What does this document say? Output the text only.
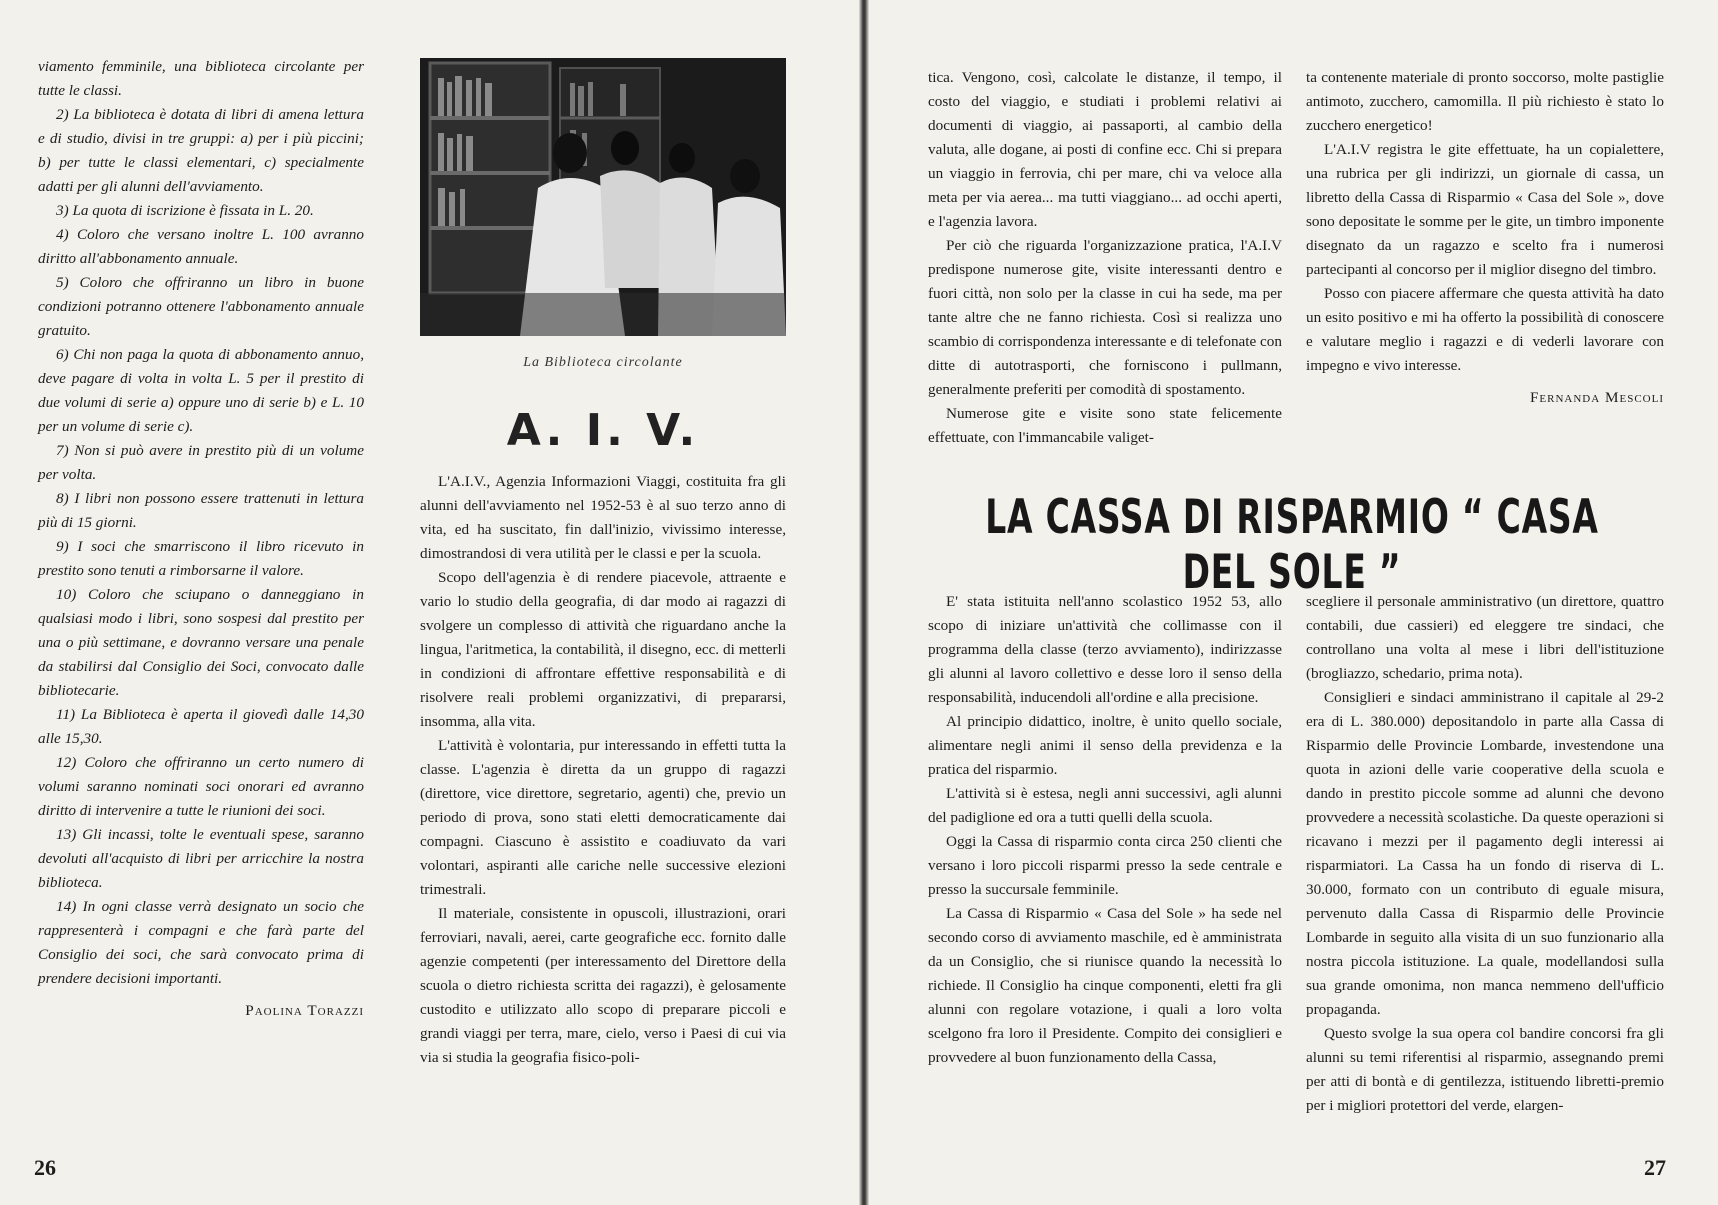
viamento femminile, una biblioteca circolante per tutte le classi.

2) La biblioteca è dotata di libri di amena lettura e di studio, divisi in tre gruppi: a) per i più piccini; b) per tutte le classi elementari, c) specialmente adatti per gli alunni dell'avviamento.

3) La quota di iscrizione è fissata in L. 20.

4) Coloro che versano inoltre L. 100 avranno diritto all'abbonamento annuale.

5) Coloro che offriranno un libro in buone condizioni potranno ottenere l'abbonamento annuale gratuito.

6) Chi non paga la quota di abbonamento annuo, deve pagare di volta in volta L. 5 per il prestito di due volumi di serie a) oppure uno di serie b) e L. 10 per un volume di serie c).

7) Non si può avere in prestito più di un volume per volta.

8) I libri non possono essere trattenuti in lettura più di 15 giorni.

9) I soci che smarriscono il libro ricevuto in prestito sono tenuti a rimborsarne il valore.

10) Coloro che sciupano o danneggiano in qualsiasi modo i libri, sono sospesi dal prestito per una o più settimane, e dovranno versare una penale da stabilirsi dal Consiglio dei Soci, convocato dalle bibliotecarie.

11) La Biblioteca è aperta il giovedì dalle 14,30 alle 15,30.

12) Coloro che offriranno un certo numero di volumi saranno nominati soci onorari ed avranno diritto di intervenire a tutte le riunioni dei soci.

13) Gli incassi, tolte le eventuali spese, saranno devoluti all'acquisto di libri per arricchire la nostra biblioteca.

14) In ogni classe verrà designato un socio che rappresenterà i compagni e che farà parte del Consiglio dei soci, che sarà convocato prima di prendere decisioni importanti.

Paolina Torazzi

La Biblioteca circolante
A. I. V.

L'A.I.V., Agenzia Informazioni Viaggi, costituita fra gli alunni dell'avviamento nel 1952-53 è al suo terzo anno di vita, ed ha suscitato, fin dall'inizio, vivissimo interesse, dimostrandosi di vera utilità per le classi e per la scuola.

Scopo dell'agenzia è di rendere piacevole, attraente e vario lo studio della geografia, di dar modo ai ragazzi di svolgere un complesso di attività che riguardano anche la lingua, l'aritmetica, la contabilità, il disegno, ecc. di metterli in condizioni di affrontare effettive responsabilità e di risolvere reali problemi organizzativi, di prepararsi, insomma, alla vita.

L'attività è volontaria, pur interessando in effetti tutta la classe. L'agenzia è diretta da un gruppo di ragazzi (direttore, vice direttore, segretario, agenti) che, previo un periodo di prova, sono stati eletti democraticamente dai compagni. Ciascuno è assistito e coadiuvato da vari volontari, aspiranti alle cariche nelle successive elezioni trimestrali.

Il materiale, consistente in opuscoli, illustrazioni, orari ferroviari, navali, aerei, carte geografiche ecc. fornito dalle agenzie competenti (per interessamento del Direttore della scuola o dietro richiesta scritta dei ragazzi), è gelosamente custodito e utilizzato allo scopo di preparare piccoli e grandi viaggi per terra, mare, cielo, verso i Paesi di cui via via si studia la geografia fisico-poli-

26

tica. Vengono, così, calcolate le distanze, il tempo, il costo del viaggio, e studiati i problemi relativi ai documenti di viaggio, ai passaporti, al cambio della valuta, alle dogane, ai posti di confine ecc. Chi si prepara un viaggio in ferrovia, chi per mare, chi va veloce alla meta per via aerea... ma tutti viaggiano... ad occhi aperti, e l'agenzia lavora.

Per ciò che riguarda l'organizzazione pratica, l'A.I.V predispone numerose gite, visite interessanti dentro e fuori città, non solo per la classe in cui ha sede, ma per tante altre che ne fanno richiesta. Così si realizza uno scambio di corrispondenza interessante e di telefonate con ditte di autotrasporti, che forniscono i pullmann, generalmente preferiti per comodità di spostamento.

Numerose gite e visite sono state felicemente effettuate, con l'immancabile valiget-

ta contenente materiale di pronto soccorso, molte pastiglie antimoto, zucchero, camomilla. Il più richiesto è stato lo zucchero energetico!

L'A.I.V registra le gite effettuate, ha un copialettere, una rubrica per gli indirizzi, un giornale di cassa, un libretto della Cassa di Risparmio « Casa del Sole », dove sono depositate le somme per le gite, un timbro imponente disegnato da un ragazzo e scelto fra i numerosi partecipanti al concorso per il miglior disegno del timbro.

Posso con piacere affermare che questa attività ha dato un esito positivo e mi ha offerto la possibilità di conoscere e valutare meglio i ragazzi e di vederli lavorare con impegno e vivo interesse.

Fernanda Mescoli

LA CASSA DI RISPARMIO “ CASA DEL SOLE ”

E' stata istituita nell'anno scolastico 1952 53, allo scopo di iniziare un'attività che collimasse con il programma della classe (terzo avviamento), indirizzasse gli alunni al lavoro collettivo e desse loro il senso della responsabilità, inducendoli all'ordine e alla precisione.

Al principio didattico, inoltre, è unito quello sociale, alimentare negli animi il senso della previdenza e la pratica del risparmio.

L'attività si è estesa, negli anni successivi, agli alunni del padiglione ed ora a tutti quelli della scuola.

Oggi la Cassa di risparmio conta circa 250 clienti che versano i loro piccoli risparmi presso la sede centrale e presso la succursale femminile.

La Cassa di Risparmio « Casa del Sole » ha sede nel secondo corso di avviamento maschile, ed è amministrata da un Consiglio, che si riunisce quando la necessità lo richiede. Il Consiglio ha cinque componenti, eletti fra gli alunni con regolare votazione, i quali a loro volta scelgono fra loro il Presidente. Compito dei consiglieri e provvedere al buon funzionamento della Cassa,

scegliere il personale amministrativo (un direttore, quattro contabili, due cassieri) ed eleggere tre sindaci, che controllano una volta al mese i libri dell'istituzione (brogliazzo, schedario, prima nota).

Consiglieri e sindaci amministrano il capitale al 29-2 era di L. 380.000) depositandolo in parte alla Cassa di Risparmio delle Provincie Lombarde, investendone una quota in azioni delle varie cooperative della scuola e dando in prestito piccole somme ad alunni che devono provvedere a necessità scolastiche. Da queste operazioni si ricavano i mezzi per il pagamento degli interessi ai risparmiatori. La Cassa ha un fondo di riserva di L. 30.000, formato con un contributo di eguale misura, pervenuto dalla Cassa di Risparmio delle Provincie Lombarde in seguito alla visita di un suo funzionario alla nostra piccola istituzione. La quale, modellandosi sulla sua grande omonima, non manca nemmeno dell'ufficio propaganda.

Questo svolge la sua opera col bandire concorsi fra gli alunni su temi riferentisi al risparmio, assegnando premi per atti di bontà e di gentilezza, istituendo libretti-premio per i migliori protettori del verde, elargen-

27
